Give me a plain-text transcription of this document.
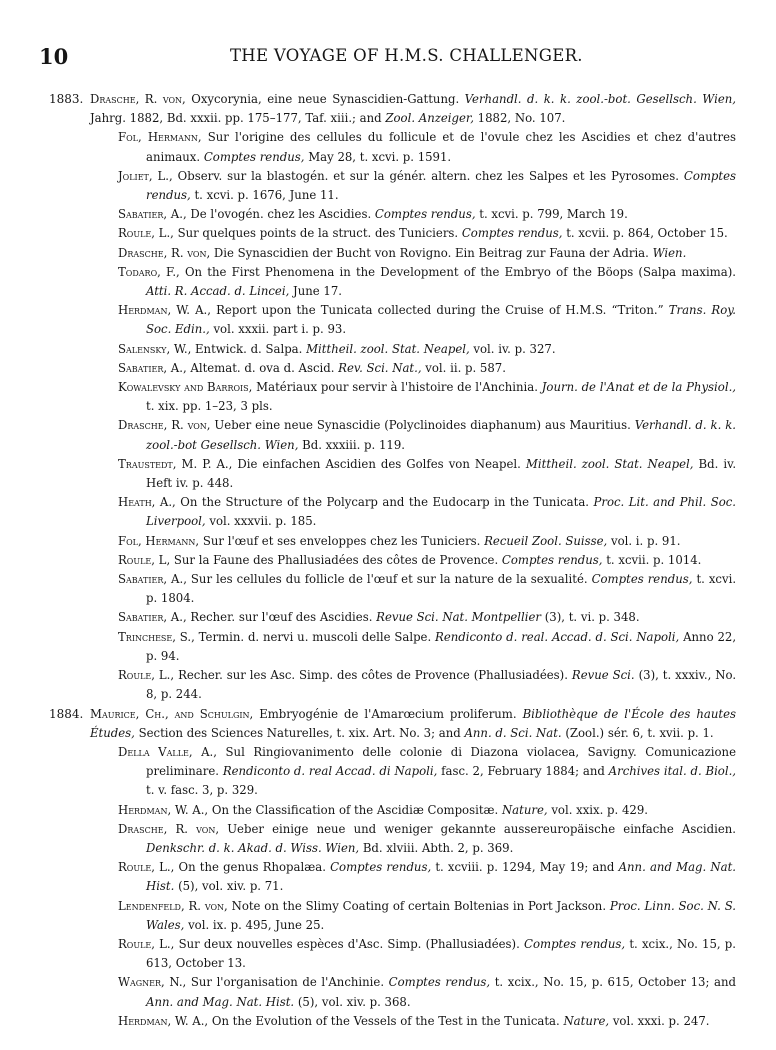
10	THE VOYAGE OF H.M.S. CHALLENGER.
1883. Drasche, R. von, Oxycorynia, eine neue Synascidien-Gattung. Verhandl. d. k. k. zool.-bot. Gesellsch. Wien, Jahrg. 1882, Bd. xxxii. pp. 175–177, Taf. xiii.; and Zool. Anzeiger, 1882, No. 107.
Fol, Hermann, Sur l'origine des cellules du follicule et de l'ovule chez les Ascidies et chez d'autres animaux. Comptes rendus, May 28, t. xcvi. p. 1591.
Joliet, L., Observ. sur la blastogén. et sur la génér. altern. chez les Salpes et les Pyrosomes. Comptes rendus, t. xcvi. p. 1676, June 11.
Sabatier, A., De l'ovogén. chez les Ascidies. Comptes rendus, t. xcvi. p. 799, March 19.
Roule, L., Sur quelques points de la struct. des Tuniciers. Comptes rendus, t. xcvii. p. 864, October 15.
Drasche, R. von, Die Synascidien der Bucht von Rovigno. Ein Beitrag zur Fauna der Adria. Wien.
Todaro, F., On the First Phenomena in the Development of the Embryo of the Böops (Salpa maxima). Atti. R. Accad. d. Lincei, June 17.
Herdman, W. A., Report upon the Tunicata collected during the Cruise of H.M.S. “Triton.” Trans. Roy. Soc. Edin., vol. xxxii. part i. p. 93.
Salensky, W., Entwick. d. Salpa. Mittheil. zool. Stat. Neapel, vol. iv. p. 327.
Sabatier, A., Altemat. d. ova d. Ascid. Rev. Sci. Nat., vol. ii. p. 587.
Kowalevsky and Barrois, Matériaux pour servir à l'histoire de l'Anchinia. Journ. de l'Anat et de la Physiol., t. xix. pp. 1–23, 3 pls.
Drasche, R. von, Ueber eine neue Synascidie (Polyclinoides diaphanum) aus Mauritius. Verhandl. d. k. k. zool.-bot Gesellsch. Wien, Bd. xxxiii. p. 119.
Traustedt, M. P. A., Die einfachen Ascidien des Golfes von Neapel. Mittheil. zool. Stat. Neapel, Bd. iv. Heft iv. p. 448.
Heath, A., On the Structure of the Polycarp and the Eudocarp in the Tunicata. Proc. Lit. and Phil. Soc. Liverpool, vol. xxxvii. p. 185.
Fol, Hermann, Sur l'œuf et ses enveloppes chez les Tuniciers. Recueil Zool. Suisse, vol. i. p. 91.
Roule, L, Sur la Faune des Phallusiadées des côtes de Provence. Comptes rendus, t. xcvii. p. 1014.
Sabatier, A., Sur les cellules du follicle de l'œuf et sur la nature de la sexualité. Comptes rendus, t. xcvi. p. 1804.
Sabatier, A., Recher. sur l'œuf des Ascidies. Revue Sci. Nat. Montpellier (3), t. vi. p. 348.
Trinchese, S., Termin. d. nervi u. muscoli delle Salpe. Rendiconto d. real. Accad. d. Sci. Napoli, Anno 22, p. 94.
Roule, L., Recher. sur les Asc. Simp. des côtes de Provence (Phallusiadées). Revue Sci. (3), t. xxxiv., No. 8, p. 244.
1884. Maurice, Ch., and Schulgin, Embryogénie de l'Amarœcium proliferum. Bibliothèque de l'École des hautes Études, Section des Sciences Naturelles, t. xix. Art. No. 3; and Ann. d. Sci. Nat. (Zool.) sér. 6, t. xvii. p. 1.
Della Valle, A., Sul Ringiovanimento delle colonie di Diazona violacea, Savigny. Comunicazione preliminare. Rendiconto d. real Accad. di Napoli, fasc. 2, February 1884; and Archives ital. d. Biol., t. v. fasc. 3, p. 329.
Herdman, W. A., On the Classification of the Ascidiæ Compositæ. Nature, vol. xxix. p. 429.
Drasche, R. von, Ueber einige neue und weniger gekannte aussereuropäische einfache Ascidien. Denkschr. d. k. Akad. d. Wiss. Wien, Bd. xlviii. Abth. 2, p. 369.
Roule, L., On the genus Rhopalæa. Comptes rendus, t. xcviii. p. 1294, May 19; and Ann. and Mag. Nat. Hist. (5), vol. xiv. p. 71.
Lendenfeld, R. von, Note on the Slimy Coating of certain Boltenias in Port Jackson. Proc. Linn. Soc. N. S. Wales, vol. ix. p. 495, June 25.
Roule, L., Sur deux nouvelles espèces d'Asc. Simp. (Phallusiadées). Comptes rendus, t. xcix., No. 15, p. 613, October 13.
Wagner, N., Sur l'organisation de l'Anchinie. Comptes rendus, t. xcix., No. 15, p. 615, October 13; and Ann. and Mag. Nat. Hist. (5), vol. xiv. p. 368.
Herdman, W. A., On the Evolution of the Vessels of the Test in the Tunicata. Nature, vol. xxxi. p. 247.
